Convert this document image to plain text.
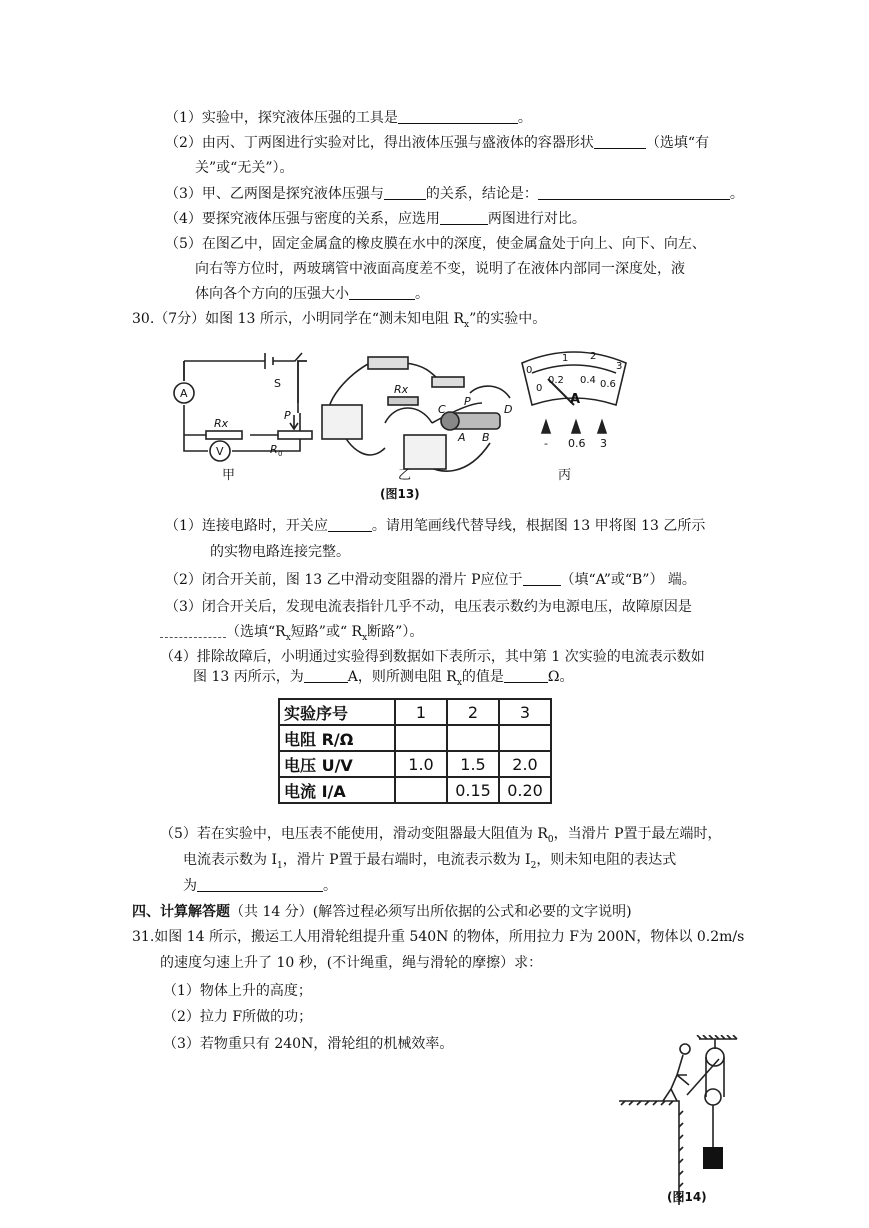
（1）实验中，探究液体压强的工具是	。
（2）由丙、丁两图进行实验对比，得出液体压强与盛液体的容器形状	（选填“有
关”或“无关”）。
（3）甲、乙两图是探究液体压强与	的关系，结论是：	。
（4）要探究液体压强与密度的关系，应选用	两图进行对比。
（5）在图乙中，固定金属盒的橡皮膜在水中的深度，使金属盒处于向上、向下、向左、
向右等方位时，两玻璃管中液面高度差不变，说明了在液体内部同一深度处，液
体向各个方向的压强大小	。
30.（7分）如图 13 所示，小明同学在“测未知电阻 $R_x$”的实验中。
A
S
Rx
P
R 0
V
Rx
P
C	D
A B
0
1 2
3
0
0.2 0.4 0.6
A
- 0.6 3
甲	乙	丙
(图13)
（1）连接电路时，开关应	。请用笔画线代替导线，根据图 13 甲将图 13 乙所示
的实物电路连接完整。
（2）闭合开关前，图 13 乙中滑动变阻器的滑片 P应位于	（填“A”或“B”） 端。
（3）闭合开关后，发现电流表指针几乎不动，电压表示数约为电源电压，故障原因是
（选填“$R_x$短路”或“ $R_x$断路”）。
（4）排除故障后，小明通过实验得到数据如下表所示，其中第 1 次实验的电流表示数如
图 13 丙所示，为	A，则所测电阻 $R_x$的值是	Ω。
实验序号	1	2	3
电阻 R/Ω			
电压 U/V	1.0	1.5	2.0
电流 I/A		0.15	0.20
（5）若在实验中，电压表不能使用，滑动变阻器最大阻值为 $R_0$，当滑片 P置于最左端时，
电流表示数为 $I_1$，滑片 P置于最右端时，电流表示数为 $I_2$，则未知电阻的表达式
为	。
四、计算解答题（共 14 分）(解答过程必须写出所依据的公式和必要的文字说明)
31.如图 14 所示，搬运工人用滑轮组提升重 540N 的物体，所用拉力 F为 200N，物体以 0.2m/s
的速度匀速上升了 10 秒，(不计绳重，绳与滑轮的摩擦）求：
（1）物体上升的高度；
（2）拉力 F所做的功；
（3）若物重只有 240N，滑轮组的机械效率。
(图14)
